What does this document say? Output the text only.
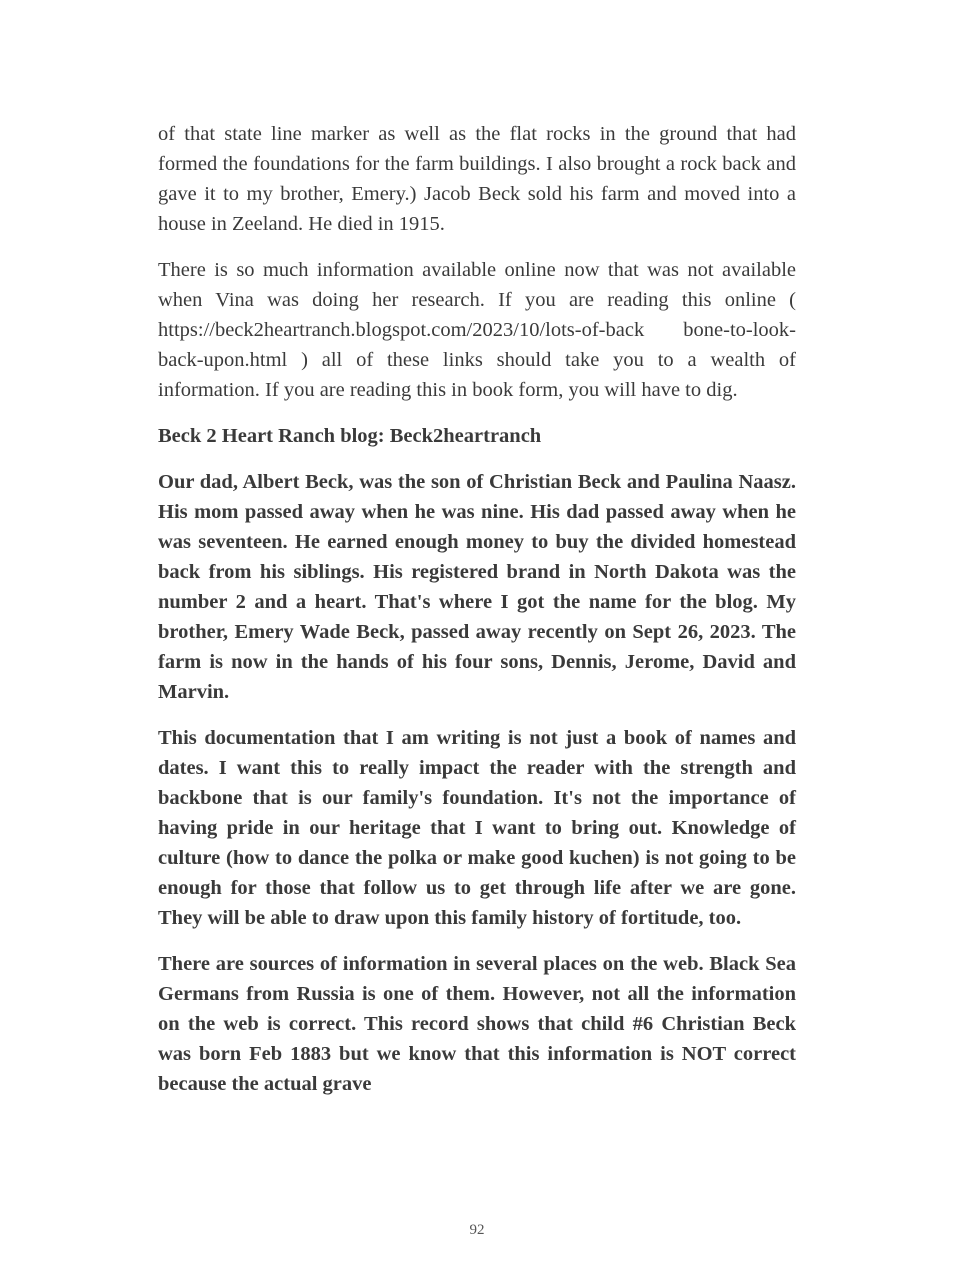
of that state line marker as well as the flat rocks in the ground that had formed the foundations for the farm buildings. I also brought a rock back and gave it to my brother, Emery.) Jacob Beck sold his farm and moved into a house in Zeeland. He died in 1915.

There is so much information available online now that was not available when Vina was doing her research. If you are reading this online ( https://beck2heartranch.blogspot.com/2023/10/lots-of-back bone-to-look-back-upon.html ) all of these links should take you to a wealth of information. If you are reading this in book form, you will have to dig.

Beck 2 Heart Ranch blog: Beck2heartranch

Our dad, Albert Beck, was the son of Christian Beck and Paulina Naasz. His mom passed away when he was nine. His dad passed away when he was seventeen. He earned enough money to buy the divided homestead back from his siblings. His registered brand in North Dakota was the number 2 and a heart. That's where I got the name for the blog. My brother, Emery Wade Beck, passed away recently on Sept 26, 2023. The farm is now in the hands of his four sons, Dennis, Jerome, David and Marvin.

This documentation that I am writing is not just a book of names and dates. I want this to really impact the reader with the strength and backbone that is our family's foundation. It's not the importance of having pride in our heritage that I want to bring out. Knowledge of culture (how to dance the polka or make good kuchen) is not going to be enough for those that follow us to get through life after we are gone. They will be able to draw upon this family history of fortitude, too.

There are sources of information in several places on the web. Black Sea Germans from Russia is one of them. However, not all the information on the web is correct. This record shows that child #6 Christian Beck was born Feb 1883 but we know that this information is NOT correct because the actual grave

92
